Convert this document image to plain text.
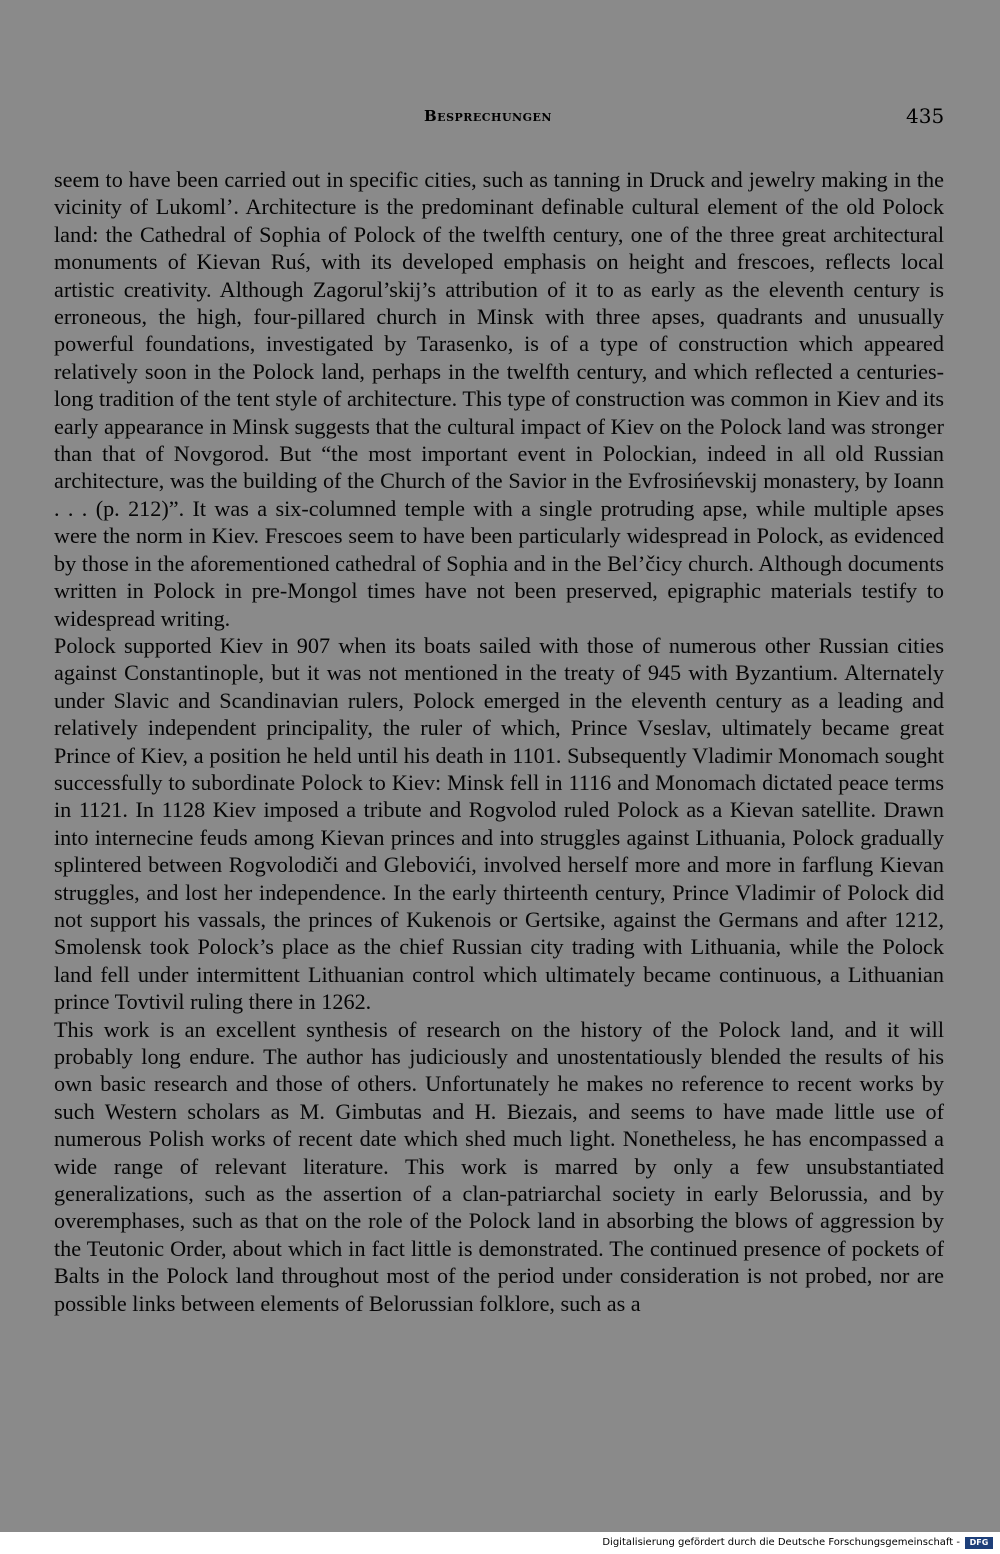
Besprechungen	435

seem to have been carried out in specific cities, such as tanning in Druck and jewelry making in the vicinity of Lukoml’. Architecture is the predominant definable cultural element of the old Polock land: the Cathedral of Sophia of Polock of the twelfth century, one of the three great architectural monuments of Kievan Ruś, with its developed emphasis on height and frescoes, reflects local artistic creativity. Although Zagorul’skij’s attribution of it to as early as the eleventh century is erroneous, the high, four-pillared church in Minsk with three apses, quadrants and unusually powerful foundations, investigated by Tarasenko, is of a type of construction which appeared relatively soon in the Polock land, perhaps in the twelfth century, and which reflected a centuries-long tradition of the tent style of architecture. This type of construction was common in Kiev and its early appearance in Minsk suggests that the cultural impact of Kiev on the Polock land was stronger than that of Novgorod. But “the most important event in Polockian, indeed in all old Russian architecture, was the building of the Church of the Savior in the Evfrosińevskij monastery, by Ioann . . . (p. 212)”. It was a six-columned temple with a single protruding apse, while multiple apses were the norm in Kiev. Frescoes seem to have been particularly widespread in Polock, as evidenced by those in the aforementioned cathedral of Sophia and in the Bel’čicy church. Although documents written in Polock in pre-Mongol times have not been preserved, epigraphic materials testify to widespread writing.

Polock supported Kiev in 907 when its boats sailed with those of numerous other Russian cities against Constantinople, but it was not mentioned in the treaty of 945 with Byzantium. Alternately under Slavic and Scandinavian rulers, Polock emerged in the eleventh century as a leading and relatively independent principality, the ruler of which, Prince Vseslav, ultimately became great Prince of Kiev, a position he held until his death in 1101. Subsequently Vladimir Monomach sought successfully to subordinate Polock to Kiev: Minsk fell in 1116 and Monomach dictated peace terms in 1121. In 1128 Kiev imposed a tribute and Rogvolod ruled Polock as a Kievan satellite. Drawn into internecine feuds among Kievan princes and into struggles against Lithuania, Polock gradually splintered between Rogvolodiči and Glebovići, involved herself more and more in farflung Kievan struggles, and lost her independence. In the early thirteenth century, Prince Vladimir of Polock did not support his vassals, the princes of Kukenois or Gertsike, against the Germans and after 1212, Smolensk took Polock’s place as the chief Russian city trading with Lithuania, while the Polock land fell under intermittent Lithuanian control which ultimately became continuous, a Lithuanian prince Tovtivil ruling there in 1262.

This work is an excellent synthesis of research on the history of the Polock land, and it will probably long endure. The author has judiciously and unostentatiously blended the results of his own basic research and those of others. Unfortunately he makes no reference to recent works by such Western scholars as M. Gimbutas and H. Biezais, and seems to have made little use of numerous Polish works of recent date which shed much light. Nonetheless, he has encompassed a wide range of relevant literature. This work is marred by only a few unsubstantiated generalizations, such as the assertion of a clan-patriarchal society in early Belorussia, and by overemphases, such as that on the role of the Polock land in absorbing the blows of aggression by the Teutonic Order, about which in fact little is demonstrated. The continued presence of pockets of Balts in the Polock land throughout most of the period under consideration is not probed, nor are possible links between elements of Belorussian folklore, such as a

Digitalisierung gefördert durch die Deutsche Forschungsgemeinschaft -	DFG
